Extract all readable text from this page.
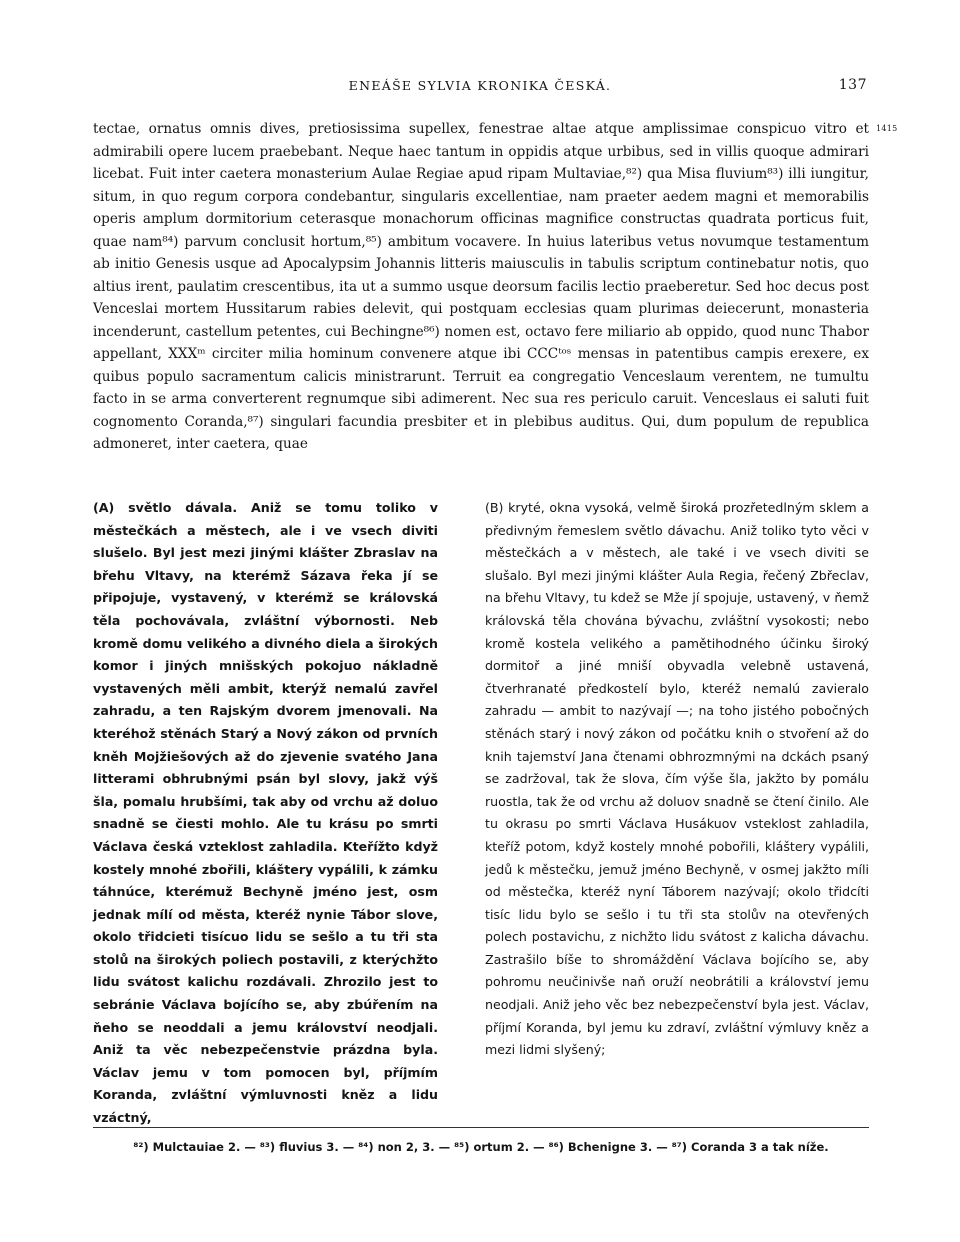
ENEÁŠE SYLVIA KRONIKA ČESKÁ.	137
1415

tectae, ornatus omnis dives, pretiosissima supellex, fenestrae altae atque amplissimae conspicuo vitro et admirabili opere lucem praebebant. Neque haec tantum in oppidis atque urbibus, sed in villis quoque admirari licebat. Fuit inter caetera monasterium Aulae Regiae apud ripam Multaviae,⁸²) qua Misa fluvium⁸³) illi iungitur, situm, in quo regum corpora condebantur, singularis excellentiae, nam praeter aedem magni et memorabilis operis amplum dormitorium ceterasque monachorum officinas magnifice constructas quadrata porticus fuit, quae nam⁸⁴) parvum conclusit hortum,⁸⁵) ambitum vocavere. In huius lateribus vetus novumque testamentum ab initio Genesis usque ad Apocalypsim Johannis litteris maiusculis in tabulis scriptum continebatur notis, quo altius irent, paulatim crescentibus, ita ut a summo usque deorsum facilis lectio praeberetur. Sed hoc decus post Venceslai mortem Hussitarum rabies delevit, qui postquam ecclesias quam plurimas deiecerunt, monasteria incenderunt, castellum petentes, cui Bechingne⁸⁶) nomen est, octavo fere miliario ab oppido, quod nunc Thabor appellant, XXXᵐ circiter milia hominum convenere atque ibi CCCᵗᵒˢ mensas in patentibus campis erexere, ex quibus populo sacramentum calicis ministrarunt. Terruit ea congregatio Venceslaum verentem, ne tumultu facto in se arma converterent regnumque sibi adimerent. Nec sua res periculo caruit. Venceslaus ei saluti fuit cognomento Coranda,⁸⁷) singulari facundia presbiter et in plebibus auditus. Qui, dum populum de republica admoneret, inter caetera, quae

(A) světlo dávala. Aniž se tomu toliko v městečkách a městech, ale i ve vsech diviti slušelo. Byl jest mezi jinými klášter Zbraslav na břehu Vltavy, na kterémž Sázava řeka jí se připojuje, vystavený, v kterémž se královská těla pochovávala, zvláštní výbornosti. Neb kromě domu velikého a divného diela a širokých komor i jiných mnišských pokojuo nákladně vystavených měli ambit, kterýž nemalú zavřel zahradu, a ten Rajským dvorem jmenovali. Na kteréhož stěnách Starý a Nový zákon od prvních kněh Mojžiešových až do zjevenie svatého Jana litterami obhrubnými psán byl slovy, jakž výš šla, pomalu hrubšími, tak aby od vrchu až doluo snadně se čiesti mohlo. Ale tu krásu po smrti Václava česká vzteklost zahladila. Kteřížto když kostely mnohé zbořili, kláštery vypálili, k zámku táhnúce, kterémuž Bechyně jméno jest, osm jednak mílí od města, kteréž nynie Tábor slove, okolo třidcieti tisícuo lidu se sešlo a tu tři sta stolů na širokých poliech postavili, z kterýchžto lidu svátost kalichu rozdávali. Zhrozilo jest to sebránie Václava bojícího se, aby zbúřením na ňeho se neoddali a jemu království neodjali. Aniž ta věc nebezpečenstvie prázdna byla. Václav jemu v tom pomocen byl, příjmím Koranda, zvláštní výmluvnosti kněz a lidu vzáctný,

(B) kryté, okna vysoká, velmě široká prozřetedlným sklem a předivným řemeslem světlo dávachu. Aniž toliko tyto věci v městečkách a v městech, ale také i ve vsech diviti se slušalo. Byl mezi jinými klášter Aula Regia, řečený Zbřeclav, na břehu Vltavy, tu kdež se Mže jí spojuje, ustavený, v ňemž královská těla chována bývachu, zvláštní vysokosti; nebo kromě kostela velikého a pamětihodného účinku široký dormitoř a jiné mniší obyvadla velebně ustavená, čtverhranaté předkostelí bylo, kteréž nemalú zavieralo zahradu — ambit to nazývají —; na toho jistého pobočných stěnách starý i nový zákon od počátku knih o stvoření až do knih tajemství Jana čtenami obhrozmnými na dckách psaný se zadržoval, tak že slova, čím výše šla, jakžto by pomálu ruostla, tak že od vrchu až doluov snadně se čtení činilo. Ale tu okrasu po smrti Václava Husákuov vsteklost zahladila, kteříž potom, když kostely mnohé pobořili, kláštery vypálili, jedů k městečku, jemuž jméno Bechyně, v osmej jakžto míli od městečka, kteréž nyní Táborem nazývají; okolo třidcíti tisíc lidu bylo se sešlo i tu tři sta stolův na otevřených polech postavichu, z nichžto lidu svátost z kalicha dávachu. Zastrašilo bíše to shromáždění Václava bojícího se, aby pohromu neučinivše naň oruží neobrátili a království jemu neodjali. Aniž jeho věc bez nebezpečenství byla jest. Václav, příjmí Koranda, byl jemu ku zdraví, zvláštní výmluvy kněz a mezi lidmi slyšený;

⁸²) Mulctauiae 2. — ⁸³) fluvius 3. — ⁸⁴) non 2, 3. — ⁸⁵) ortum 2. — ⁸⁶) Bchenigne 3. — ⁸⁷) Coranda 3 a tak níže.
